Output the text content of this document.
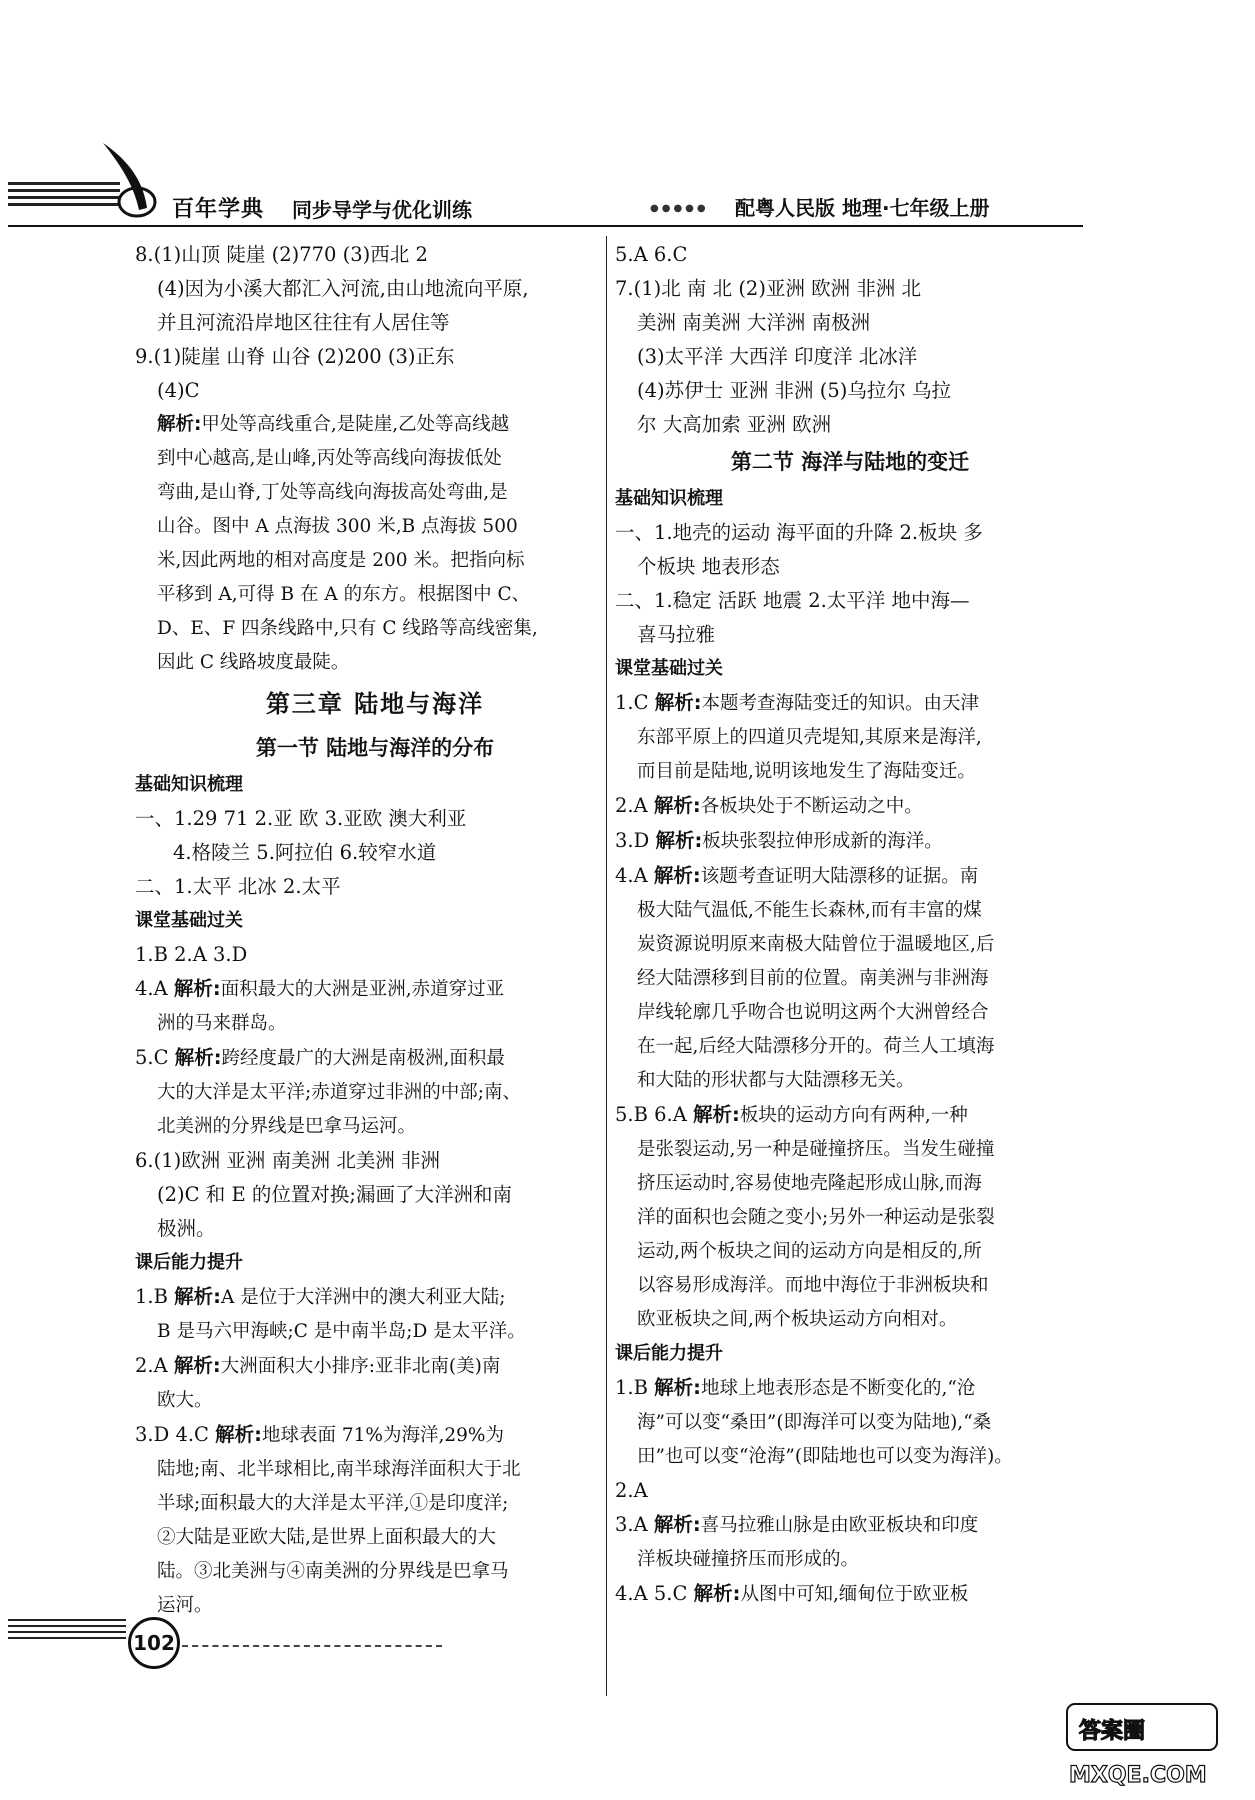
百年学典 同步导学与优化训练	●●●●● 配粤人民版 地理·七年级上册
8.(1)山顶 陡崖 (2)770 (3)西北 2
(4)因为小溪大都汇入河流,由山地流向平原,
并且河流沿岸地区往往有人居住等
9.(1)陡崖 山脊 山谷 (2)200 (3)正东
(4)C
解析:甲处等高线重合,是陡崖,乙处等高线越
到中心越高,是山峰,丙处等高线向海拔低处
弯曲,是山脊,丁处等高线向海拔高处弯曲,是
山谷。图中 A 点海拔 300 米,B 点海拔 500
米,因此两地的相对高度是 200 米。把指向标
平移到 A,可得 B 在 A 的东方。根据图中 C、
D、E、F 四条线路中,只有 C 线路等高线密集,
因此 C 线路坡度最陡。
第三章 陆地与海洋
第一节 陆地与海洋的分布
基础知识梳理
一、1.29 71 2.亚 欧 3.亚欧 澳大利亚
4.格陵兰 5.阿拉伯 6.较窄水道
二、1.太平 北冰 2.太平
课堂基础过关
1.B 2.A 3.D
4.A 解析:面积最大的大洲是亚洲,赤道穿过亚
洲的马来群岛。
5.C 解析:跨经度最广的大洲是南极洲,面积最
大的大洋是太平洋;赤道穿过非洲的中部;南、
北美洲的分界线是巴拿马运河。
6.(1)欧洲 亚洲 南美洲 北美洲 非洲
(2)C 和 E 的位置对换;漏画了大洋洲和南
极洲。
课后能力提升
1.B 解析:A 是位于大洋洲中的澳大利亚大陆;
B 是马六甲海峡;C 是中南半岛;D 是太平洋。
2.A 解析:大洲面积大小排序:亚非北南(美)南
欧大。
3.D 4.C 解析:地球表面 71%为海洋,29%为
陆地;南、北半球相比,南半球海洋面积大于北
半球;面积最大的大洋是太平洋,①是印度洋;
②大陆是亚欧大陆,是世界上面积最大的大
陆。③北美洲与④南美洲的分界线是巴拿马
运河。
5.A 6.C
7.(1)北 南 北 (2)亚洲 欧洲 非洲 北
美洲 南美洲 大洋洲 南极洲
(3)太平洋 大西洋 印度洋 北冰洋
(4)苏伊士 亚洲 非洲 (5)乌拉尔 乌拉
尔 大高加索 亚洲 欧洲
第二节 海洋与陆地的变迁
基础知识梳理
一、1.地壳的运动 海平面的升降 2.板块 多
个板块 地表形态
二、1.稳定 活跃 地震 2.太平洋 地中海—
喜马拉雅
课堂基础过关
1.C 解析:本题考查海陆变迁的知识。由天津
东部平原上的四道贝壳堤知,其原来是海洋,
而目前是陆地,说明该地发生了海陆变迁。
2.A 解析:各板块处于不断运动之中。
3.D 解析:板块张裂拉伸形成新的海洋。
4.A 解析:该题考查证明大陆漂移的证据。南
极大陆气温低,不能生长森林,而有丰富的煤
炭资源说明原来南极大陆曾位于温暖地区,后
经大陆漂移到目前的位置。南美洲与非洲海
岸线轮廓几乎吻合也说明这两个大洲曾经合
在一起,后经大陆漂移分开的。荷兰人工填海
和大陆的形状都与大陆漂移无关。
5.B 6.A 解析:板块的运动方向有两种,一种
是张裂运动,另一种是碰撞挤压。当发生碰撞
挤压运动时,容易使地壳隆起形成山脉,而海
洋的面积也会随之变小;另外一种运动是张裂
运动,两个板块之间的运动方向是相反的,所
以容易形成海洋。而地中海位于非洲板块和
欧亚板块之间,两个板块运动方向相对。
课后能力提升
1.B 解析:地球上地表形态是不断变化的,“沧
海”可以变“桑田”(即海洋可以变为陆地),“桑
田”也可以变“沧海”(即陆地也可以变为海洋)。
2.A
3.A 解析:喜马拉雅山脉是由欧亚板块和印度
洋板块碰撞挤压而形成的。
4.A 5.C 解析:从图中可知,缅甸位于欧亚板
102
答案圈
MXQE.COM
